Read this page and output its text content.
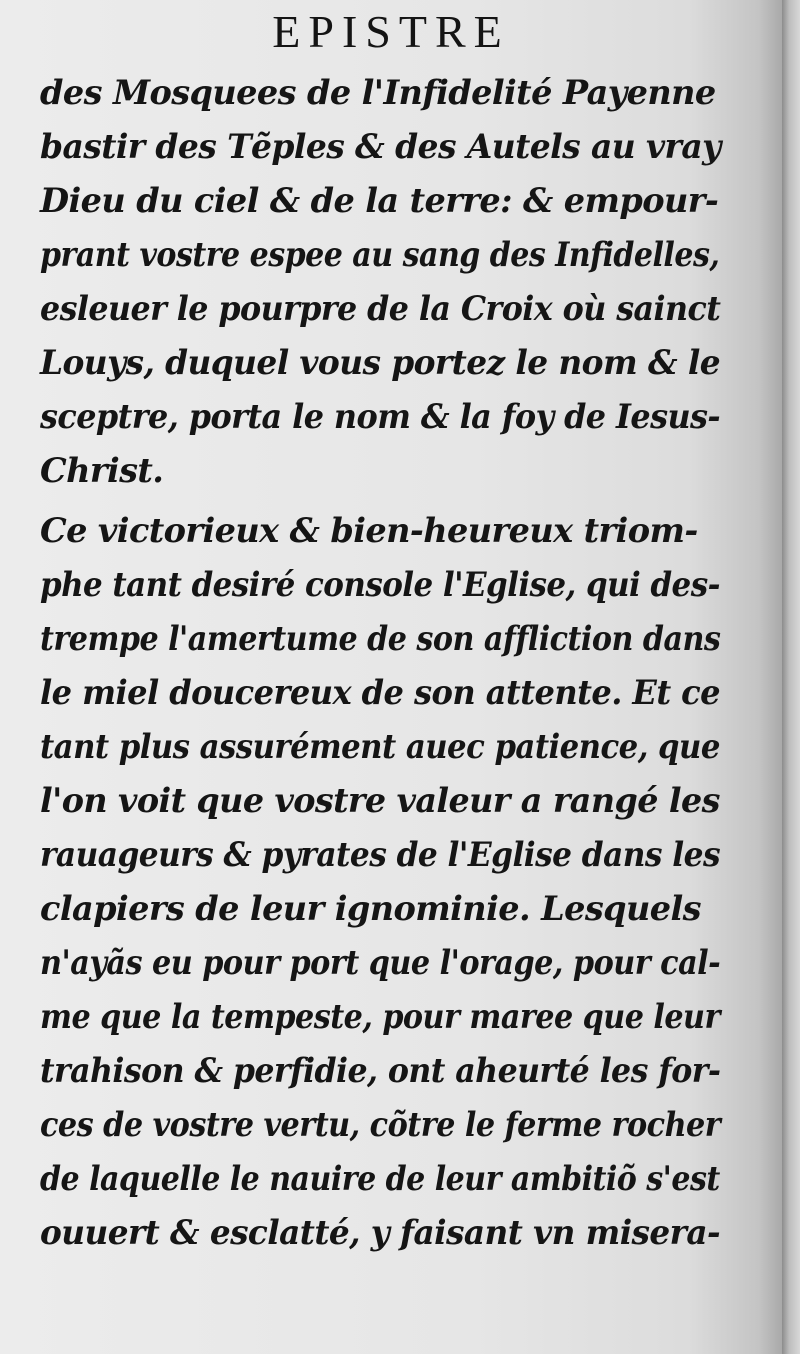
EPISTRE
des Mosquees de l'Infidelité Payenne
bastir des Tẽples & des Autels au vray
Dieu du ciel & de la terre: & empour-
prant vostre espee au sang des Infidelles,
esleuer le pourpre de la Croix où sainct
Louys, duquel vous portez le nom & le
sceptre, porta le nom & la foy de Iesus-
Christ.
Ce victorieux & bien-heureux triom-
phe tant desiré console l'Eglise, qui des-
trempe l'amertume de son affliction dans
le miel doucereux de son attente. Et ce
tant plus assurément auec patience, que
l'on voit que vostre valeur a rangé les
rauageurs & pyrates de l'Eglise dans les
clapiers de leur ignominie. Lesquels
n'ayãs eu pour port que l'orage, pour cal-
me que la tempeste, pour maree que leur
trahison & perfidie, ont aheurté les for-
ces de vostre vertu, cõtre le ferme rocher
de laquelle le nauire de leur ambitiõ s'est
ouuert & esclatté, y faisant vn misera-
